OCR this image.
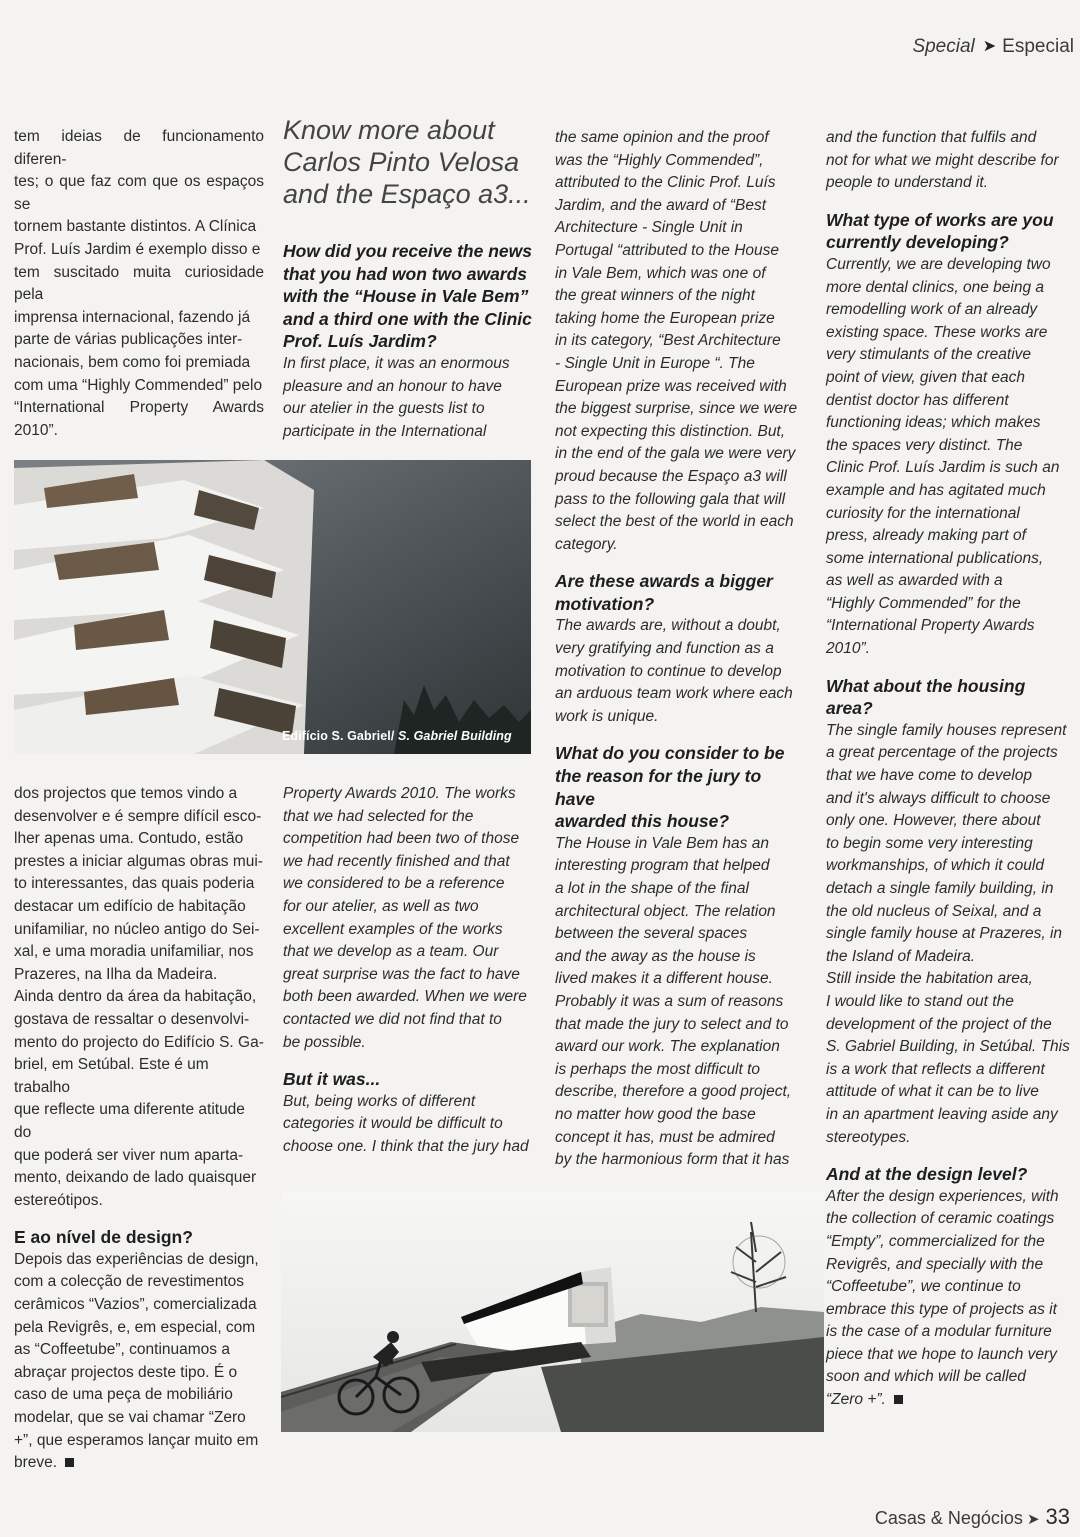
Special ➤ Especial
tem ideias de funcionamento diferen-
tes; o que faz com que os espaços se
tornem bastante distintos. A Clínica
Prof. Luís Jardim é exemplo disso e
tem suscitado muita curiosidade pela
imprensa internacional, fazendo já
parte de várias publicações inter-
nacionais, bem como foi premiada
com uma “Highly Commended” pelo
“International Property Awards 2010”.
dos projectos que temos vindo a
desenvolver e é sempre difícil esco-
lher apenas uma. Contudo, estão
prestes a iniciar algumas obras mui-
to interessantes, das quais poderia
destacar um edifício de habitação
unifamiliar, no núcleo antigo do Sei-
xal, e uma moradia unifamiliar, nos
Prazeres, na Ilha da Madeira.
Ainda dentro da área da habitação,
gostava de ressaltar o desenvolvi-
mento do projecto do Edifício S. Ga-
briel, em Setúbal. Este é um trabalho
que reflecte uma diferente atitude do
que poderá ser viver num aparta-
mento, deixando de lado quaisquer
estereótipos.
E ao nível de design?
Depois das experiências de design,
com a colecção de revestimentos
cerâmicos “Vazios”, comercializada
pela Revigrês, e, em especial, com
as “Coffeetube”, continuamos a
abraçar projectos deste tipo. É o
caso de uma peça de mobiliário
modelar, que se vai chamar “Zero
+”, que esperamos lançar muito em
breve.
Know more about
Carlos Pinto Velosa
and the Espaço a3...
How did you receive the news
that you had won two awards
with the “House in Vale Bem”
and a third one with the Clinic
Prof. Luís Jardim?
In first place, it was an enormous
pleasure and an honour to have
our atelier in the guests list to
participate in the International
Property Awards 2010. The works
that we had selected for the
competition had been two of those
we had recently finished and that
we considered to be a reference
for our atelier, as well as two
excellent examples of the works
that we develop as a team. Our
great surprise was the fact to have
both been awarded. When we were
contacted we did not find that to
be possible.
But it was...
But, being works of different
categories it would be difficult to
choose one. I think that the jury had
the same opinion and the proof
was the “Highly Commended”,
attributed to the Clinic Prof. Luís
Jardim, and the award of “Best
Architecture - Single Unit in
Portugal “attributed to the House
in Vale Bem, which was one of
the great winners of the night
taking home the European prize
in its category, “Best Architecture
- Single Unit in Europe “. The
European prize was received with
the biggest surprise, since we were
not expecting this distinction. But,
in the end of the gala we were very
proud because the Espaço a3 will
pass to the following gala that will
select the best of the world in each
category.
Are these awards a bigger
motivation?
The awards are, without a doubt,
very gratifying and function as a
motivation to continue to develop
an arduous team work where each
work is unique.
What do you consider to be
the reason for the jury to have
awarded this house?
The House in Vale Bem has an
interesting program that helped
a lot in the shape of the final
architectural object. The relation
between the several spaces
and the away as the house is
lived makes it a different house.
Probably it was a sum of reasons
that made the jury to select and to
award our work. The explanation
is perhaps the most difficult to
describe, therefore a good project,
no matter how good the base
concept it has, must be admired
by the harmonious form that it has
and the function that fulfils and
not for what we might describe for
people to understand it.
What type of works are you
currently developing?
Currently, we are developing two
more dental clinics, one being a
remodelling work of an already
existing space. These works are
very stimulants of the creative
point of view, given that each
dentist doctor has different
functioning ideas; which makes
the spaces very distinct. The
Clinic Prof. Luís Jardim is such an
example and has agitated much
curiosity for the international
press, already making part of
some international publications,
as well as awarded with a
“Highly Commended” for the
“International Property Awards
2010”.
What about the housing
area?
The single family houses represent
a great percentage of the projects
that we have come to develop
and it's always difficult to choose
only one. However, there about
to begin some very interesting
workmanships, of which it could
detach a single family building, in
the old nucleus of Seixal, and a
single family house at Prazeres, in
the Island of Madeira.
Still inside the habitation area,
I would like to stand out the
development of the project of the
S. Gabriel Building, in Setúbal. This
is a work that reflects a different
attitude of what it can be to live
in an apartment leaving aside any
stereotypes.
And at the design level?
After the design experiences, with
the collection of ceramic coatings
“Empty”, commercialized for the
Revigrês, and specially with the
“Coffeetube”, we continue to
embrace this type of projects as it
is the case of a modular furniture
piece that we hope to launch very
soon and which will be called
“Zero +”.
Edifício S. Gabriel/ S. Gabriel Building
Casas & Negócios ➤ 33
